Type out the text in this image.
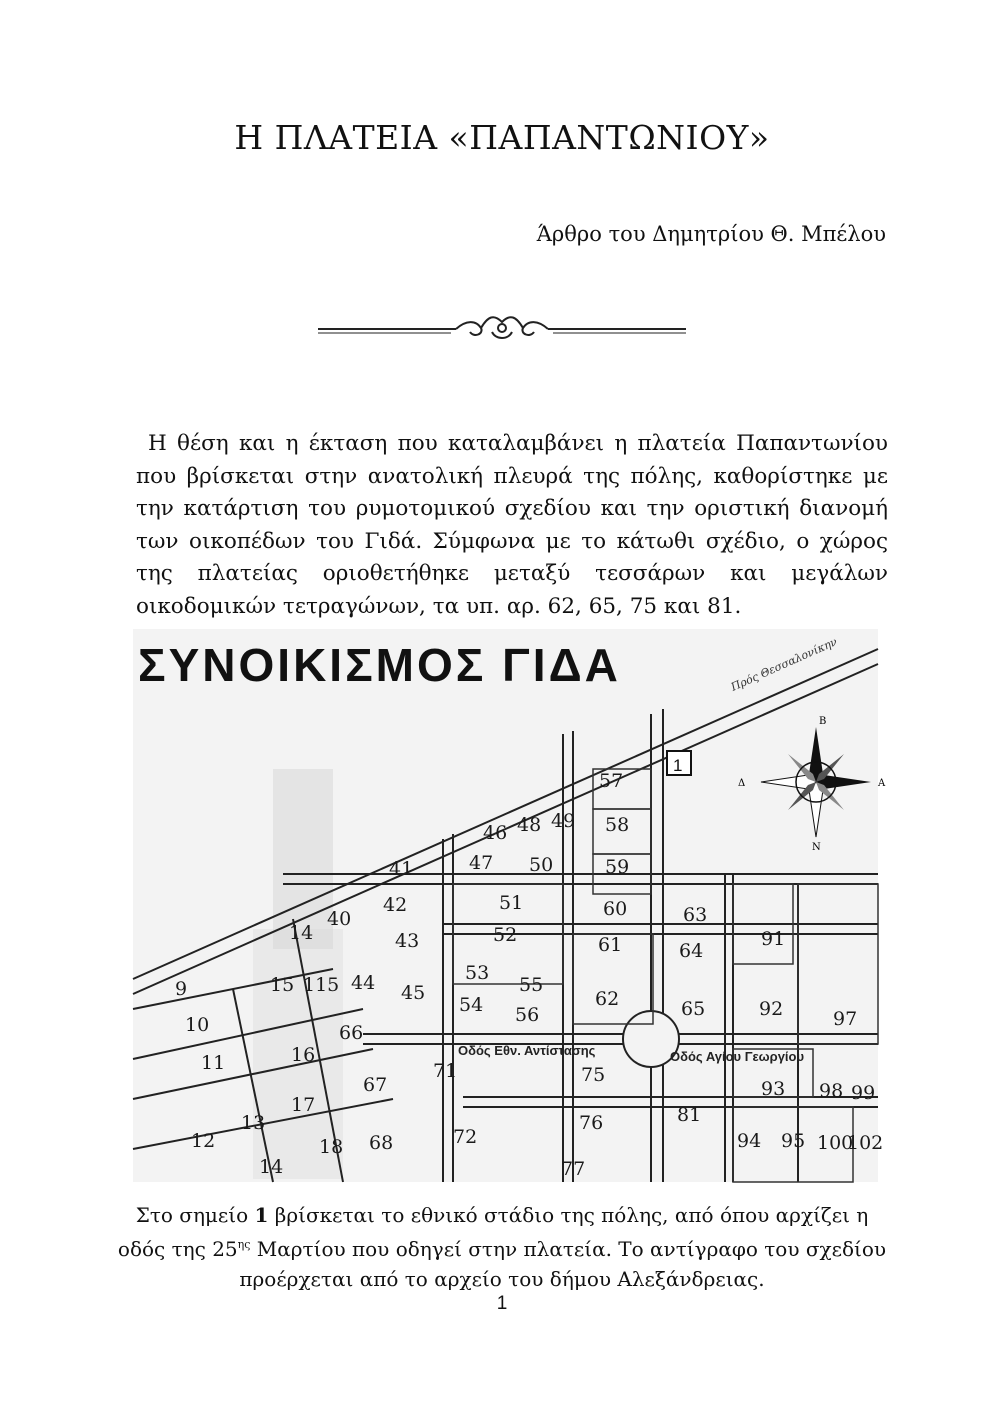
Η ΠΛΑΤΕΙΑ «ΠΑΠΑΝΤΩΝΙΟΥ»
Άρθρο του Δημητρίου Θ. Μπέλου

Η θέση και η έκταση που καταλαμβάνει η πλατεία Παπαντωνίου που βρίσκεται στην ανατολική πλευρά της πόλης, καθορίστηκε με την κατάρτιση του ρυμοτομικού σχεδίου και την οριστική διανομή των οικοπέδων του Γιδά. Σύμφωνα με το κάτωθι σχέδιο, ο χώρος της πλατείας οριοθετήθηκε μεταξύ τεσσάρων και μεγάλων οικοδομικών τετραγώνων, τα υπ. αρ. 62, 65, 75 και 81.

ΣΥΝΟΙΚΙΣΜΟΣ ΓΙΔΑ	Πρός Θεσσαλονίκην
1
Β
Ν
Δ	Α
57
46 48 49 58
41	47 50	59
40
42	51	60	63
91
14	43	52	61	64
9	15 115 44	53
55
45
54 56
62	65	92	97
10	66
16
71	75
11
67	93 98 99
13
17
76	81
12	18 68	72	94 95 100
102
14	77
Οδός Εθν. Αντίστασης	Οδός Αγίου Γεωργίου

Στο σημείο 1 βρίσκεται το εθνικό στάδιο της πόλης, από όπου αρχίζει η οδός της $25^{\eta\varsigma}$ Μαρτίου που οδηγεί στην πλατεία. Το αντίγραφο του σχεδίου προέρχεται από το αρχείο του δήμου Αλεξάνδρειας.

1
